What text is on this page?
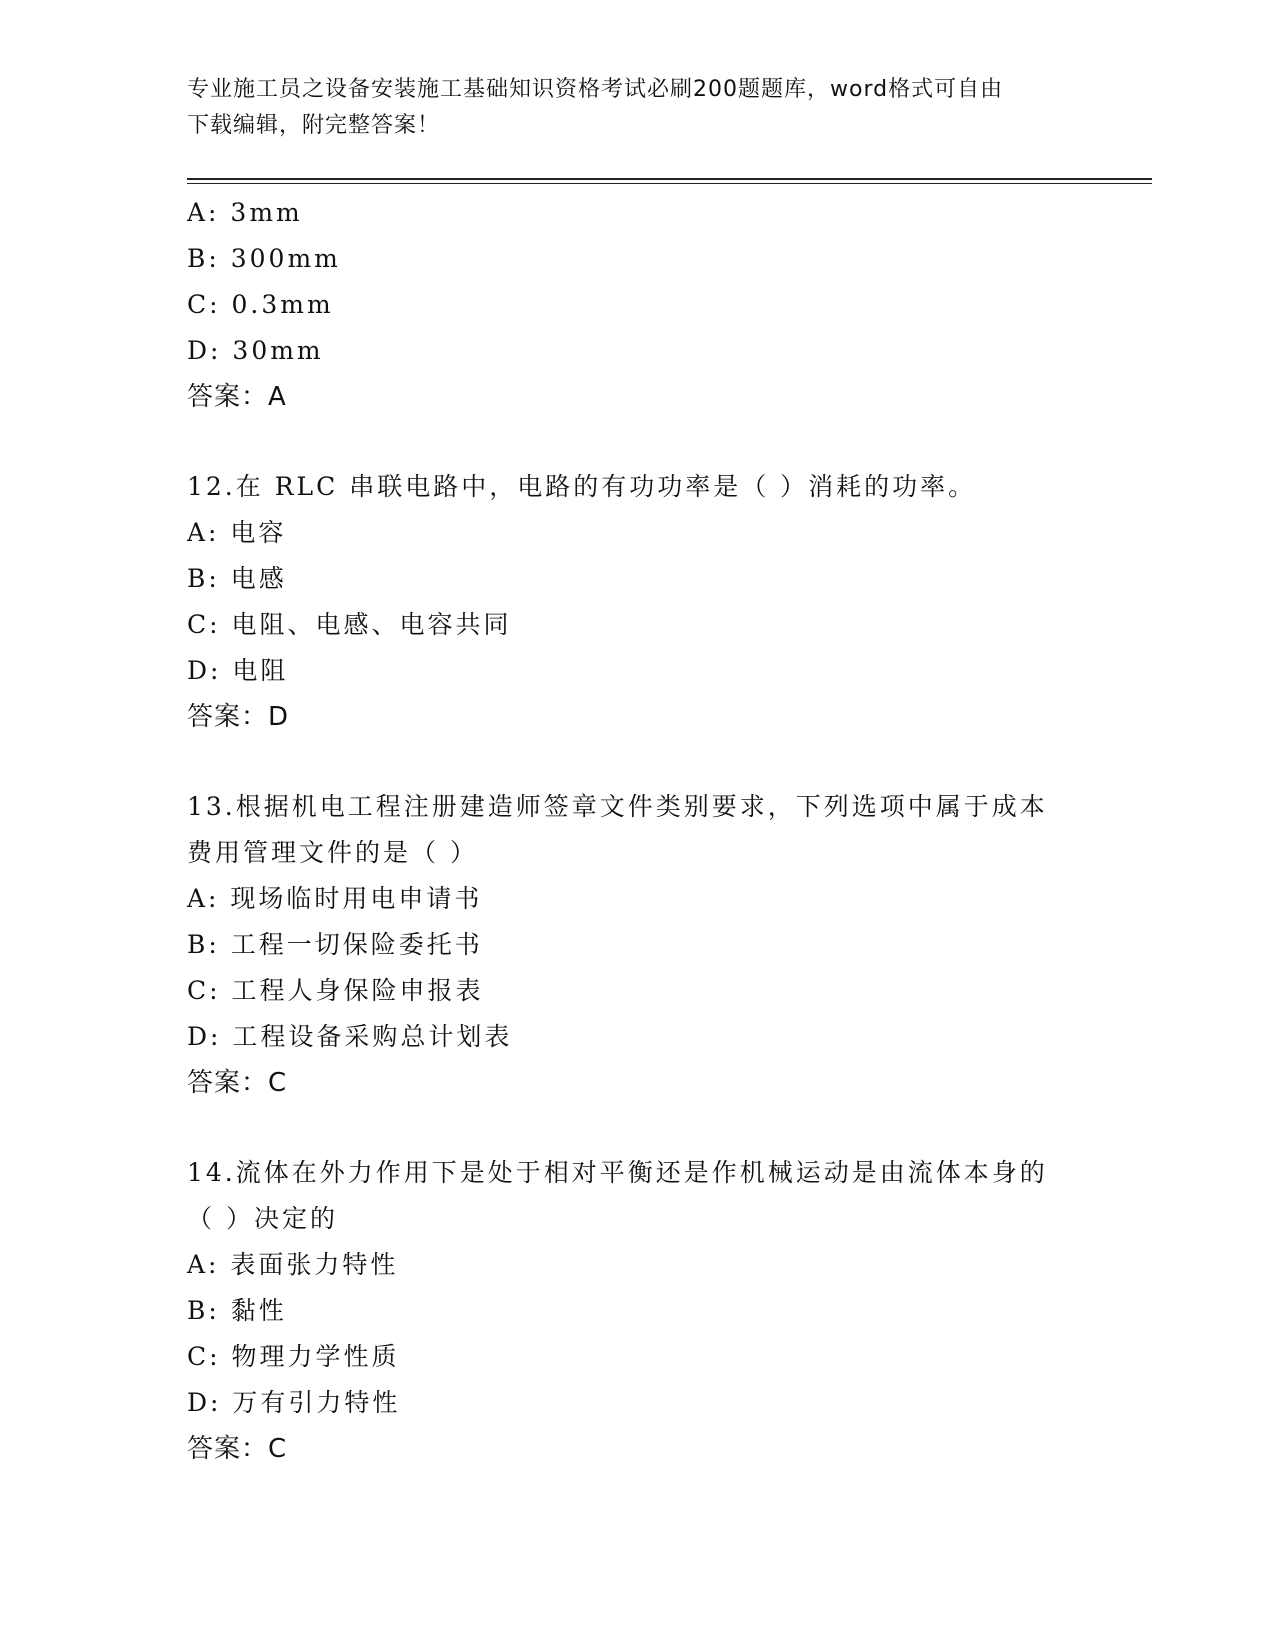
专业施工员之设备安装施工基础知识资格考试必刷200题题库，word格式可自由
下载编辑，附完整答案！
A: 3mm
B: 300mm
C: 0.3mm
D: 30mm
答案：A
12.在 RLC 串联电路中，电路的有功功率是（ ）消耗的功率。
A: 电容
B: 电感
C: 电阻、电感、电容共同
D: 电阻
答案：D
13.根据机电工程注册建造师签章文件类别要求，下列选项中属于成本
费用管理文件的是（ ）
A: 现场临时用电申请书
B: 工程一切保险委托书
C: 工程人身保险申报表
D: 工程设备采购总计划表
答案：C
14.流体在外力作用下是处于相对平衡还是作机械运动是由流体本身的
（ ）决定的
A: 表面张力特性
B: 黏性
C: 物理力学性质
D: 万有引力特性
答案：C
